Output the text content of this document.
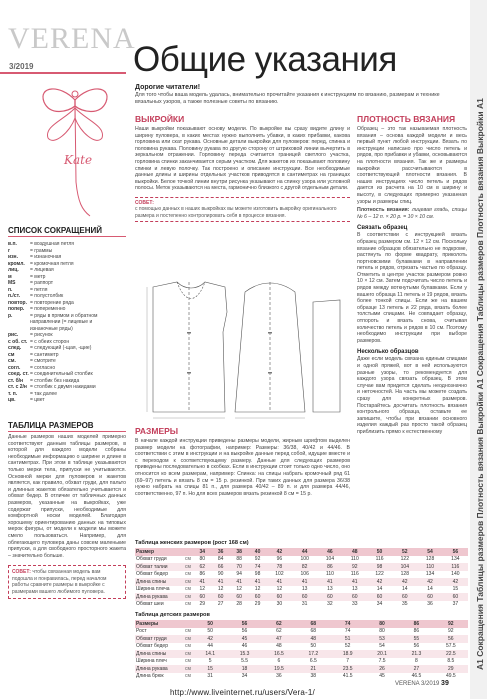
VERENA
3/2019	Общие указания
Kate
Дорогие читатели!
Для того чтобы ваша модель удалась, внимательно прочитайте указания к инструкциям по вязанию, размерам и технике вязальных узоров, а также полезные советы по вязанию.
СПИСОК СОКРАЩЕНИЙ
в.п.	= воздушная петля
г	= граммы
изн.	= изнаночная
кромл.	= кромочная петля
лиц.	= лицевая
м	= метр
MS	= раппорт
п.	= петля
п./ст.	= полустолбик
повтор.	= повторение ряда
попер.	= попеременно
р.	= ряды в прямом и обратном направлении (= лицевые и изнаночные ряды)
рис.	= рисунок
с об. ст.	= с обеих сторон
след.	= следующий (-щая, -щие)
см	= сантиметр
см.	= смотрите
согл.	= согласно
соед. ст.	= соединительный столбик
ст. б/н	= столбик без накида
ст. с 2/н	= столбик с двумя накидами
т. п.	= так далее
цв.	= цвет
ТАБЛИЦА РАЗМЕРОВ
Данные размеров наших моделей примерно соответствуют данным таблицы размеров, в которой для каждого модели собраны необходимые информацию о ширине и длине в сантиметрах. При этом в таблице указываются только мерки тела, припуски не учитываются. Основной мерки для пуловеров и жакетов является, как правило, обхват груди, для пальто и длинных жакетов обязательно учитывается и обхват бедер. В отличие от табличных данных размеров, указанные на выкройках, уже содержат припуски, необходимые для комфортной носки моделей. Благодаря хорошему ориентированию данных на типовых мерок фигуры, от модели к модели мы можете смело пользоваться. Например, для облегающего пуловера даны совсем маленькие припуски, а для свободного просторного жакета – значительно больше.
СОВЕТ: чтобы связанная модель вам подошла и понравилась, перед началом работы сравните размеры в выкройке с размерами вашего любимого пуловера.
ВЫКРОЙКИ
Наши выкройки показывают основу модели. По выкройке вы сразу видите длину и ширину пуловера, в каких местах нужно выполнить убавки, в каких прибавки, какова горловина или скат рукава. Основные детали выкройки для пуловеров: перед, спинка и половина рукава. Половину рукава по другую сторону от штриховой линии вычертить в зеркальном отражении. Горловину переда считается границей светлого участка, горловина спинки заканчивается серым участком. Для жакетов их показывают половину спинки и левую полочку. Так построено и описание инструкции. Все необходимые данные длины и ширины отдельных участков приводятся в сантиметрах на границах выкройки. Белое точкой линии внутри рисунка указывают на спинку узора или условной полосы. Меток указываются на места, гармонично близкого с другой отдельным детали.
СОВЕТ:
с помощью данных в наших выкройках вы можете изготовить выкройку оригинального размера и постепенно контролировать себя в процессе вязания.
РАЗМЕРЫ
В начале каждой инструкции приведены размеры модели, жирным шрифтом выделен размер модели на фотографии, например: Размеры: 36/38, 40/42 и 44/46. В соответствии с этим в инструкции и на выкройке данные перед собой, идущие вместе и с переходом к соответствующему размеру. Данные для следующих размеров приведены последовательно в скобках. Если в инструкции стоит только одно число, оно относится ко всем размерам, например: Спинка: на спицы набрать кромочный ряд 61 (69–97) петель и вязать 8 см = 15 р. резинкой. При таких данных для размера 36/38 нужно набрать на спицы 81 п., для размера 40/42 – 89 п. и для размера 44/46, соответственно, 97 п. Но для всех размеров вязать резинкой 8 см = 15 р.
ПЛОТНОСТЬ ВЯЗАНИЯ
Образец – это так называемая плотность вязания – основа каждой модели и весь первый пункт любой инструкции. Вязать по инструкции написано про число петель и рядов, про прибавки и убавки, основываются на плотности вязания. Так же и размеры выкройки рассчитываются в соответствующей плотности вязания. В наших инструкциях число петель и рядов дается из расчета на 10 см в ширину и высоту, в следующих примерно указанная узоры и размеры спиц.
Плотность вязания: лицевая гладь, спицы № 6 – 12 п. × 20 р. = 10 × 10 см.
Связать образец
В соответствии с инструкцией вязать образец размером см. 12 × 12 см. Поскольку вязание образцов обязательно не подкроме, растянуть по форме квадрату, приколоть портновскими булавками в направлении петель и рядов, отрезать частью по образцу. Отметить в центре участок размером ровно 10 × 12 см. Затем подсчитать число петель и рядов между воткнутыми булавками. Если у вашего образца 11 петель и 19 рядов, вязать более тонкой спицы. Если же на вашем образце 13 петель и 22 ряда, вязать более толстыми спицами. Не совпадает образцу, отпороть и вязать снова, считывая количество петель и рядов в 10 см. Поэтому необходимо инструкции при выборе размеров.
Несколько образцов
Даже если модель связана единым спицами и одной пряжей, вот в ней используются разные узоры, то рекомендуется для каждого узора связать образец. В этом случае вам придется сделать неоднозначно и неточностей. На часть мы можете создать сразу для конкретных размеров. Постарайтесь досчитать плотность вязания контрольного образца, оставьте ее запишите, чтобы при вязании основного изделия каждый раз просто такой образец приблизить прямо к естественному
Таблица женских размеров (рост 168 см)
Размер		34	36	38	40	42	44	46	48	50	52	54	56
Обхват груди	см	80	84	88	92	96	100	104	110	116	122	128	134
Обхват талии	см	62	66	70	74	78	82	86	92	98	104	110	116
Обхват бедер	см	86	90	94	98	102	106	110	116	122	128	134	140
Длина спины	см	41	41	41	41	41	41	41	41	42	42	42	42
Ширина плеча	см	12	12	12	12	12	13	13	13	14	14	14	15
Длина рукава	см	60	60	60	60	60	60	60	60	60	60	60	60
Обхват шеи	см	29	27	28	29	30	31	32	33	34	35	36	37
Таблица детских размеров
Размеры		50	56	62	68	74	80	86	92
Рост	см	50	56	62	68	74	80	86	92
Обхват груди	см	42	45	47	48	51	53	55	56
Обхват бедер	см	44	46	48	50	52	54	56	57.5
Длина спины	см	14.1	15.3	16.5	17.2	18.9	20.1	21.3	22.5
Ширина плеч	см	5	5.5	6	6.5	7	7.5	8	8.5
Длина рукава	см	15	18	19.5	21	23.5	26	27	29
Длина брюк	см	31	34	36	38	41.5	45	46.5	49.5
А1 Сокращения Таблицы размеров Плотность вязания Выкройки А1 Сокращения Таблицы размеров Плотность вязания Выкройки А1
VERENA 3/2019 39
http://www.liveinternet.ru/users/Vera-1/
